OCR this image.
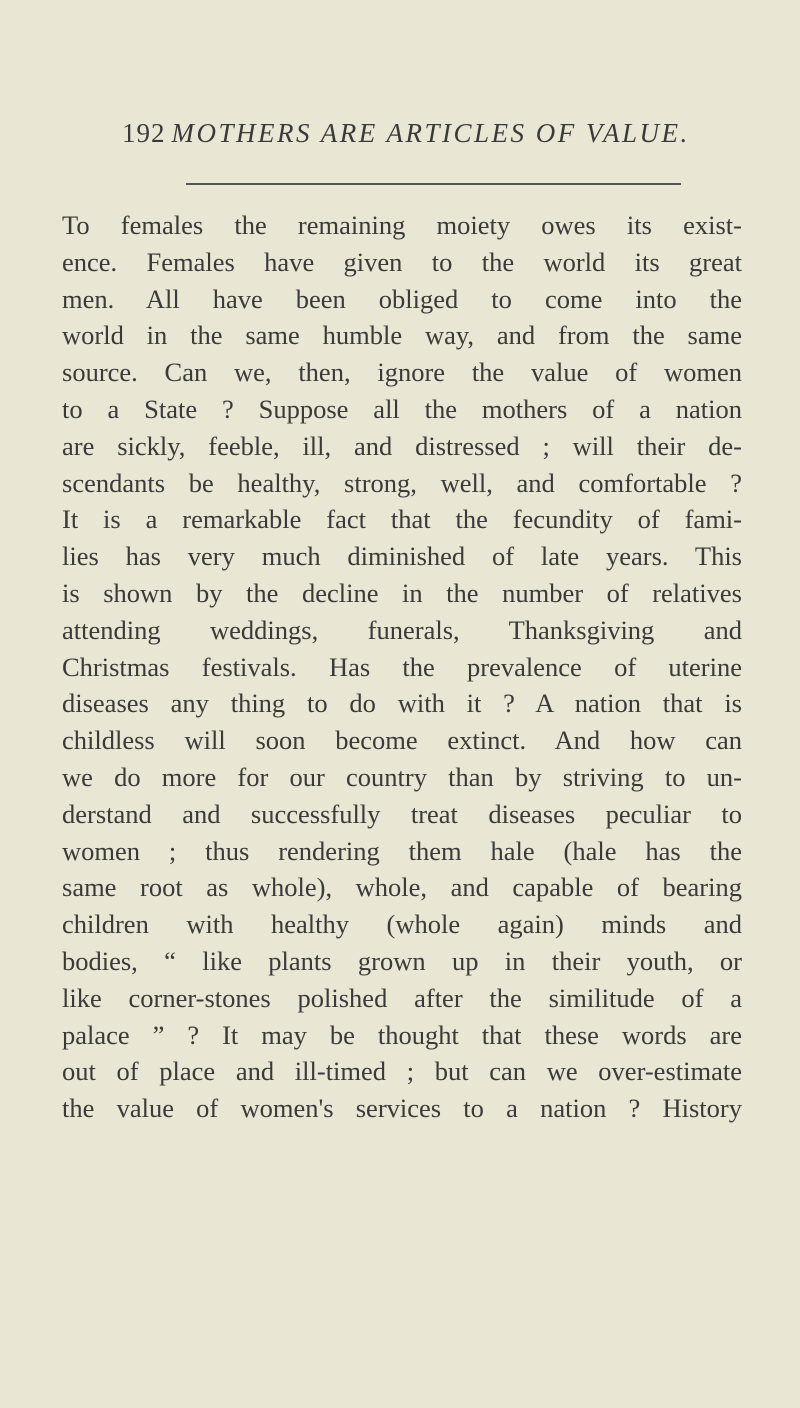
192 MOTHERS ARE ARTICLES OF VALUE.
To females the remaining moiety owes its exist-
ence. Females have given to the world its great
men. All have been obliged to come into the
world in the same humble way, and from the same
source. Can we, then, ignore the value of women
to a State ? Suppose all the mothers of a nation
are sickly, feeble, ill, and distressed ; will their de-
scendants be healthy, strong, well, and comfortable ?
It is a remarkable fact that the fecundity of fami-
lies has very much diminished of late years. This
is shown by the decline in the number of relatives
attending weddings, funerals, Thanksgiving and
Christmas festivals. Has the prevalence of uterine
diseases any thing to do with it ? A nation that is
childless will soon become extinct. And how can
we do more for our country than by striving to un-
derstand and successfully treat diseases peculiar to
women ; thus rendering them hale (hale has the
same root as whole), whole, and capable of bearing
children with healthy (whole again) minds and
bodies, “ like plants grown up in their youth, or
like corner-stones polished after the similitude of a
palace ” ? It may be thought that these words are
out of place and ill-timed ; but can we over-estimate
the value of women's services to a nation ? History
